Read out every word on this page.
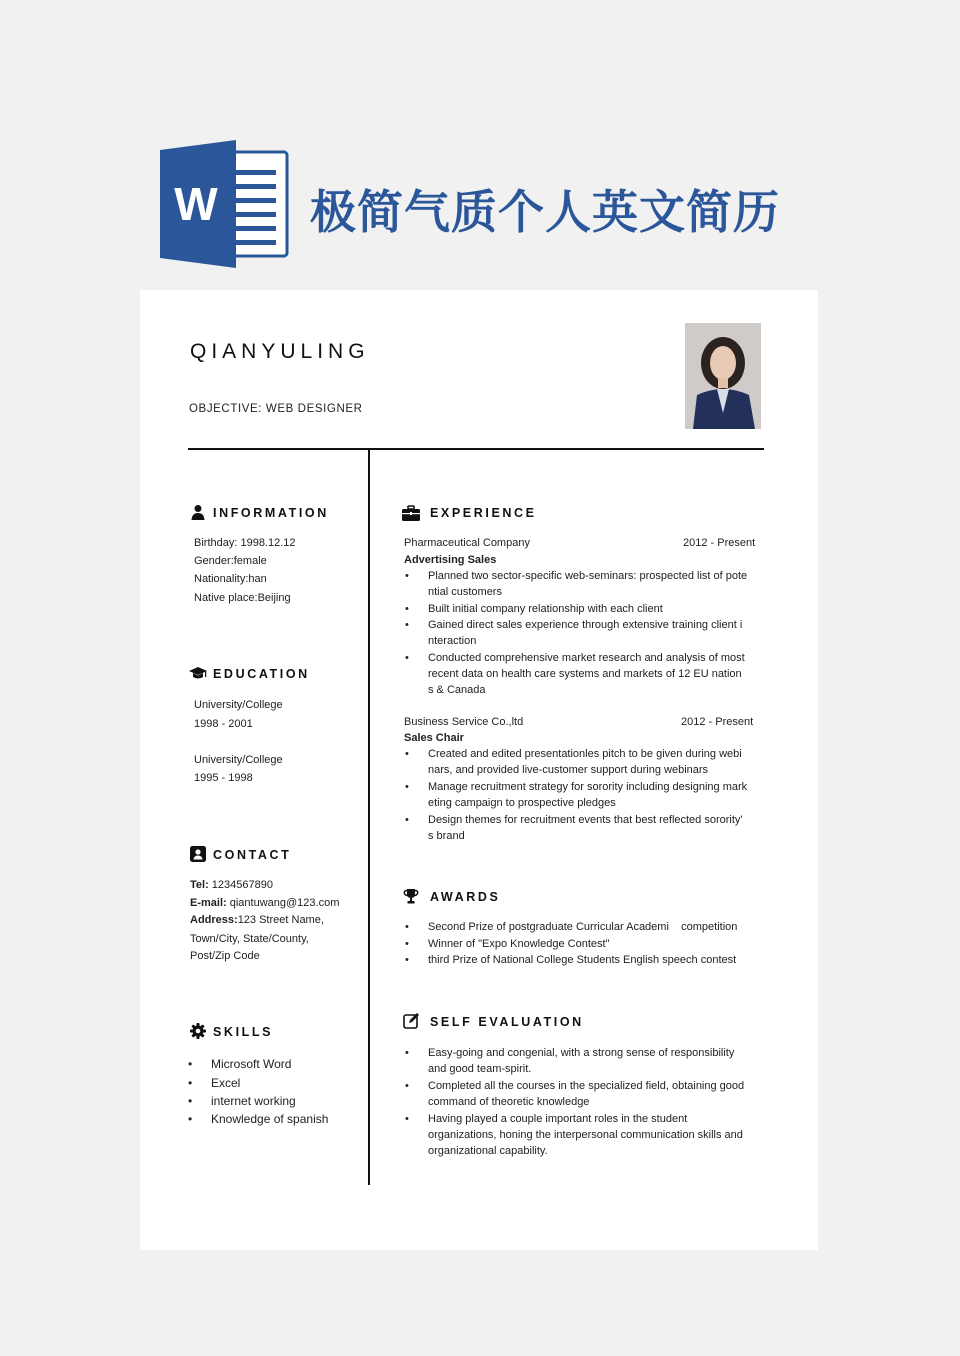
W 极简气质个人英文简历
QIANYULING
OBJECTIVE: WEB DESIGNER
INFORMATION
Birthday: 1998.12.12
Gender:female
Nationality:han
Native place:Beijing
EDUCATION
University/College
1998 - 2001
University/College
1995 - 1998
CONTACT
Tel: 1234567890
E-mail: qiantuwang@123.com
Address:123 Street Name,
Town/City, State/County,
Post/Zip Code
SKILLS
• Microsoft Word
• Excel
• internet working
• Knowledge of spanish
EXPERIENCE
Pharmaceutical Company	2012 - Present
Advertising Sales
• Planned two sector-specific web-seminars: prospected list of pote
ntial customers
• Built initial company relationship with each client
• Gained direct sales experience through extensive training client i
nteraction
• Conducted comprehensive market research and analysis of most
recent data on health care systems and markets of 12 EU nation
s & Canada
Business Service Co.,ltd	2012 - Present
Sales Chair
• Created and edited presentationles pitch to be given during webi
nars, and provided live-customer support during webinars
• Manage recruitment strategy for sorority including designing mark
eting campaign to prospective pledges
• Design themes for recruitment events that best reflected sorority'
s brand
AWARDS
• Second Prize of postgraduate Curricular Academi    competition
• Winner of "Expo Knowledge Contest"
• third Prize of National College Students English speech contest
SELF EVALUATION
• Easy-going and congenial, with a strong sense of responsibility
and good team-spirit.
• Completed all the courses in the specialized field, obtaining good
command of theoretic knowledge
• Having played a couple important roles in the student
organizations, honing the interpersonal communication skills and
organizational capability.
